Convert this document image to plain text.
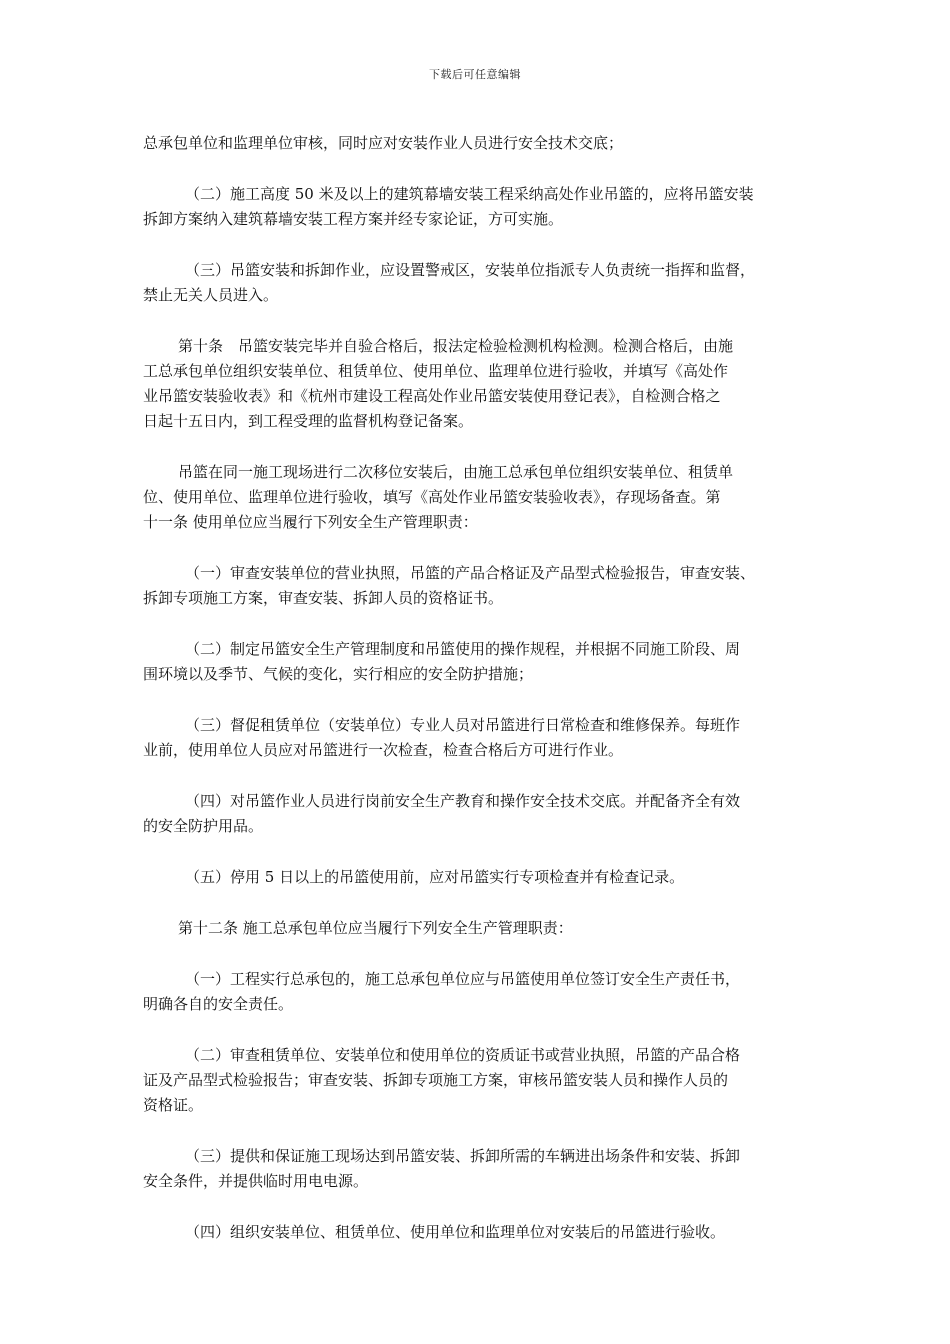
下载后可任意编辑

总承包单位和监理单位审核，同时应对安装作业人员进行安全技术交底；

（二）施工高度 50 米及以上的建筑幕墙安装工程采纳高处作业吊篮的，应将吊篮安装
拆卸方案纳入建筑幕墙安装工程方案并经专家论证，方可实施。

（三）吊篮安装和拆卸作业，应设置警戒区，安装单位指派专人负责统一指挥和监督，
禁止无关人员进入。

第十条　吊篮安装完毕并自验合格后，报法定检验检测机构检测。检测合格后，由施
工总承包单位组织安装单位、租赁单位、使用单位、监理单位进行验收，并填写《高处作
业吊篮安装验收表》和《杭州市建设工程高处作业吊篮安装使用登记表》，自检测合格之
日起十五日内，到工程受理的监督机构登记备案。

吊篮在同一施工现场进行二次移位安装后，由施工总承包单位组织安装单位、租赁单
位、使用单位、监理单位进行验收，填写《高处作业吊篮安装验收表》，存现场备查。第
十一条 使用单位应当履行下列安全生产管理职责：

（一）审查安装单位的营业执照，吊篮的产品合格证及产品型式检验报告，审查安装、
拆卸专项施工方案，审查安装、拆卸人员的资格证书。

（二）制定吊篮安全生产管理制度和吊篮使用的操作规程，并根据不同施工阶段、周
围环境以及季节、气候的变化，实行相应的安全防护措施；

（三）督促租赁单位（安装单位）专业人员对吊篮进行日常检查和维修保养。每班作
业前，使用单位人员应对吊篮进行一次检查，检查合格后方可进行作业。

（四）对吊篮作业人员进行岗前安全生产教育和操作安全技术交底。并配备齐全有效
的安全防护用品。

（五）停用 5 日以上的吊篮使用前，应对吊篮实行专项检查并有检查记录。

第十二条 施工总承包单位应当履行下列安全生产管理职责：

（一）工程实行总承包的，施工总承包单位应与吊篮使用单位签订安全生产责任书，
明确各自的安全责任。

（二）审查租赁单位、安装单位和使用单位的资质证书或营业执照，吊篮的产品合格
证及产品型式检验报告；审查安装、拆卸专项施工方案，审核吊篮安装人员和操作人员的
资格证。

（三）提供和保证施工现场达到吊篮安装、拆卸所需的车辆进出场条件和安装、拆卸
安全条件，并提供临时用电电源。

（四）组织安装单位、租赁单位、使用单位和监理单位对安装后的吊篮进行验收。
